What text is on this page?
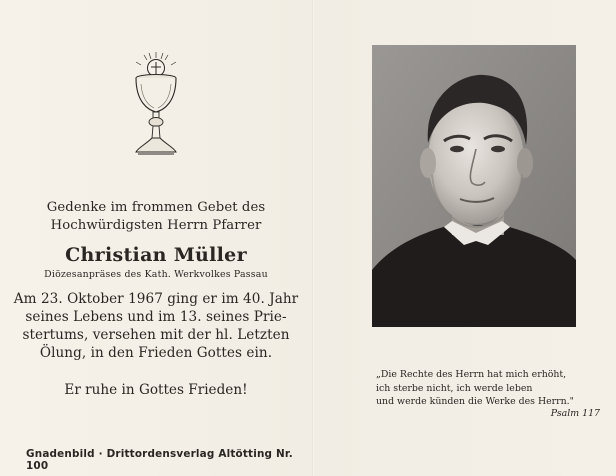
Gedenke im frommen Gebet des
Hochwürdigsten Herrn Pfarrer
Christian Müller
Diözesanpräses des Kath. Werkvolkes Passau
Am 23. Oktober 1967 ging er im 40. Jahr
seines Lebens und im 13. seines Prie-
stertums, versehen mit der hl. Letzten
Ölung, in den Frieden Gottes ein.
Er ruhe in Gottes Frieden!
Gnadenbild · Drittordensverlag Altötting Nr. 100
„Die Rechte des Herrn hat mich erhöht,
ich sterbe nicht, ich werde leben
und werde künden die Werke des Herrn."
Psalm 117
